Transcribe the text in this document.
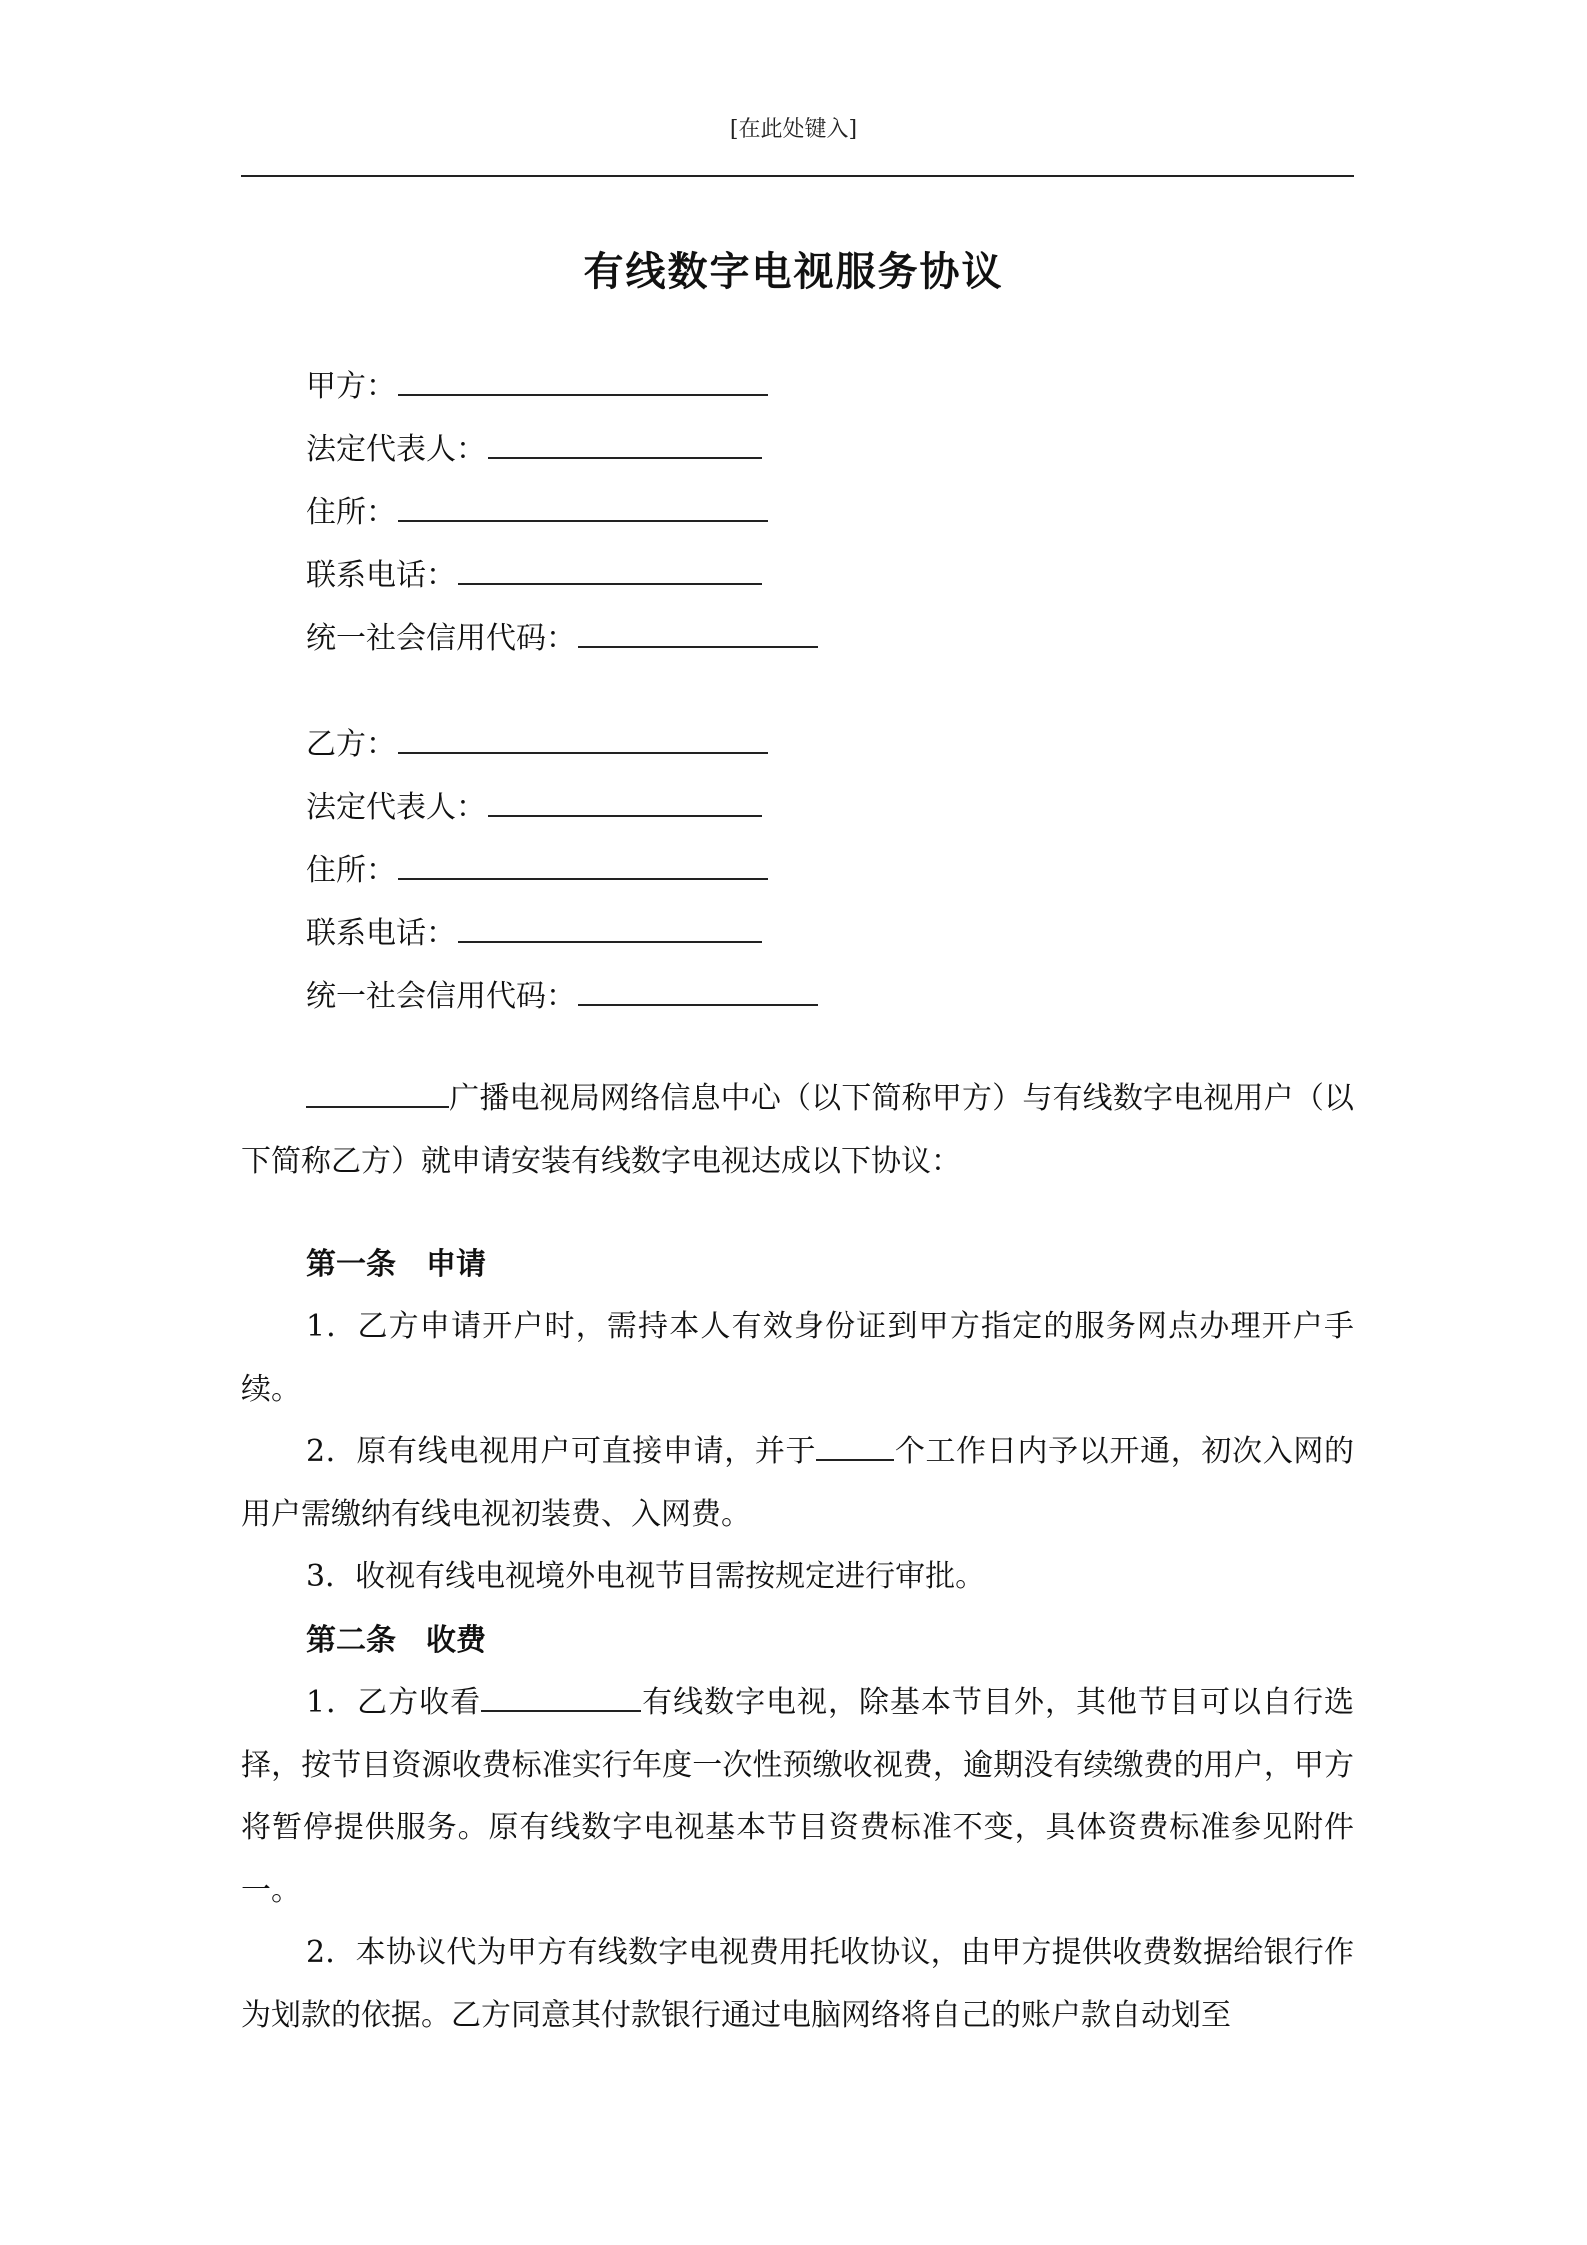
[在此处键入]
有线数字电视服务协议
甲方：
法定代表人：
住所：
联系电话：
统一社会信用代码：
乙方：
法定代表人：
住所：
联系电话：
统一社会信用代码：
广播电视局网络信息中心（以下简称甲方）与有线数字电视用户（以下简称乙方）就申请安装有线数字电视达成以下协议：
第一条　申请
1．乙方申请开户时，需持本人有效身份证到甲方指定的服务网点办理开户手续。
2．原有线电视用户可直接申请，并于	个工作日内予以开通，初次入网的用户需缴纳有线电视初装费、入网费。
3．收视有线电视境外电视节目需按规定进行审批。
第二条　收费
1．乙方收看	有线数字电视，除基本节目外，其他节目可以自行选择，按节目资源收费标准实行年度一次性预缴收视费，逾期没有续缴费的用户，甲方将暂停提供服务。原有线数字电视基本节目资费标准不变，具体资费标准参见附件一。
2．本协议代为甲方有线数字电视费用托收协议，由甲方提供收费数据给银行作为划款的依据。乙方同意其付款银行通过电脑网络将自己的账户款自动划至
